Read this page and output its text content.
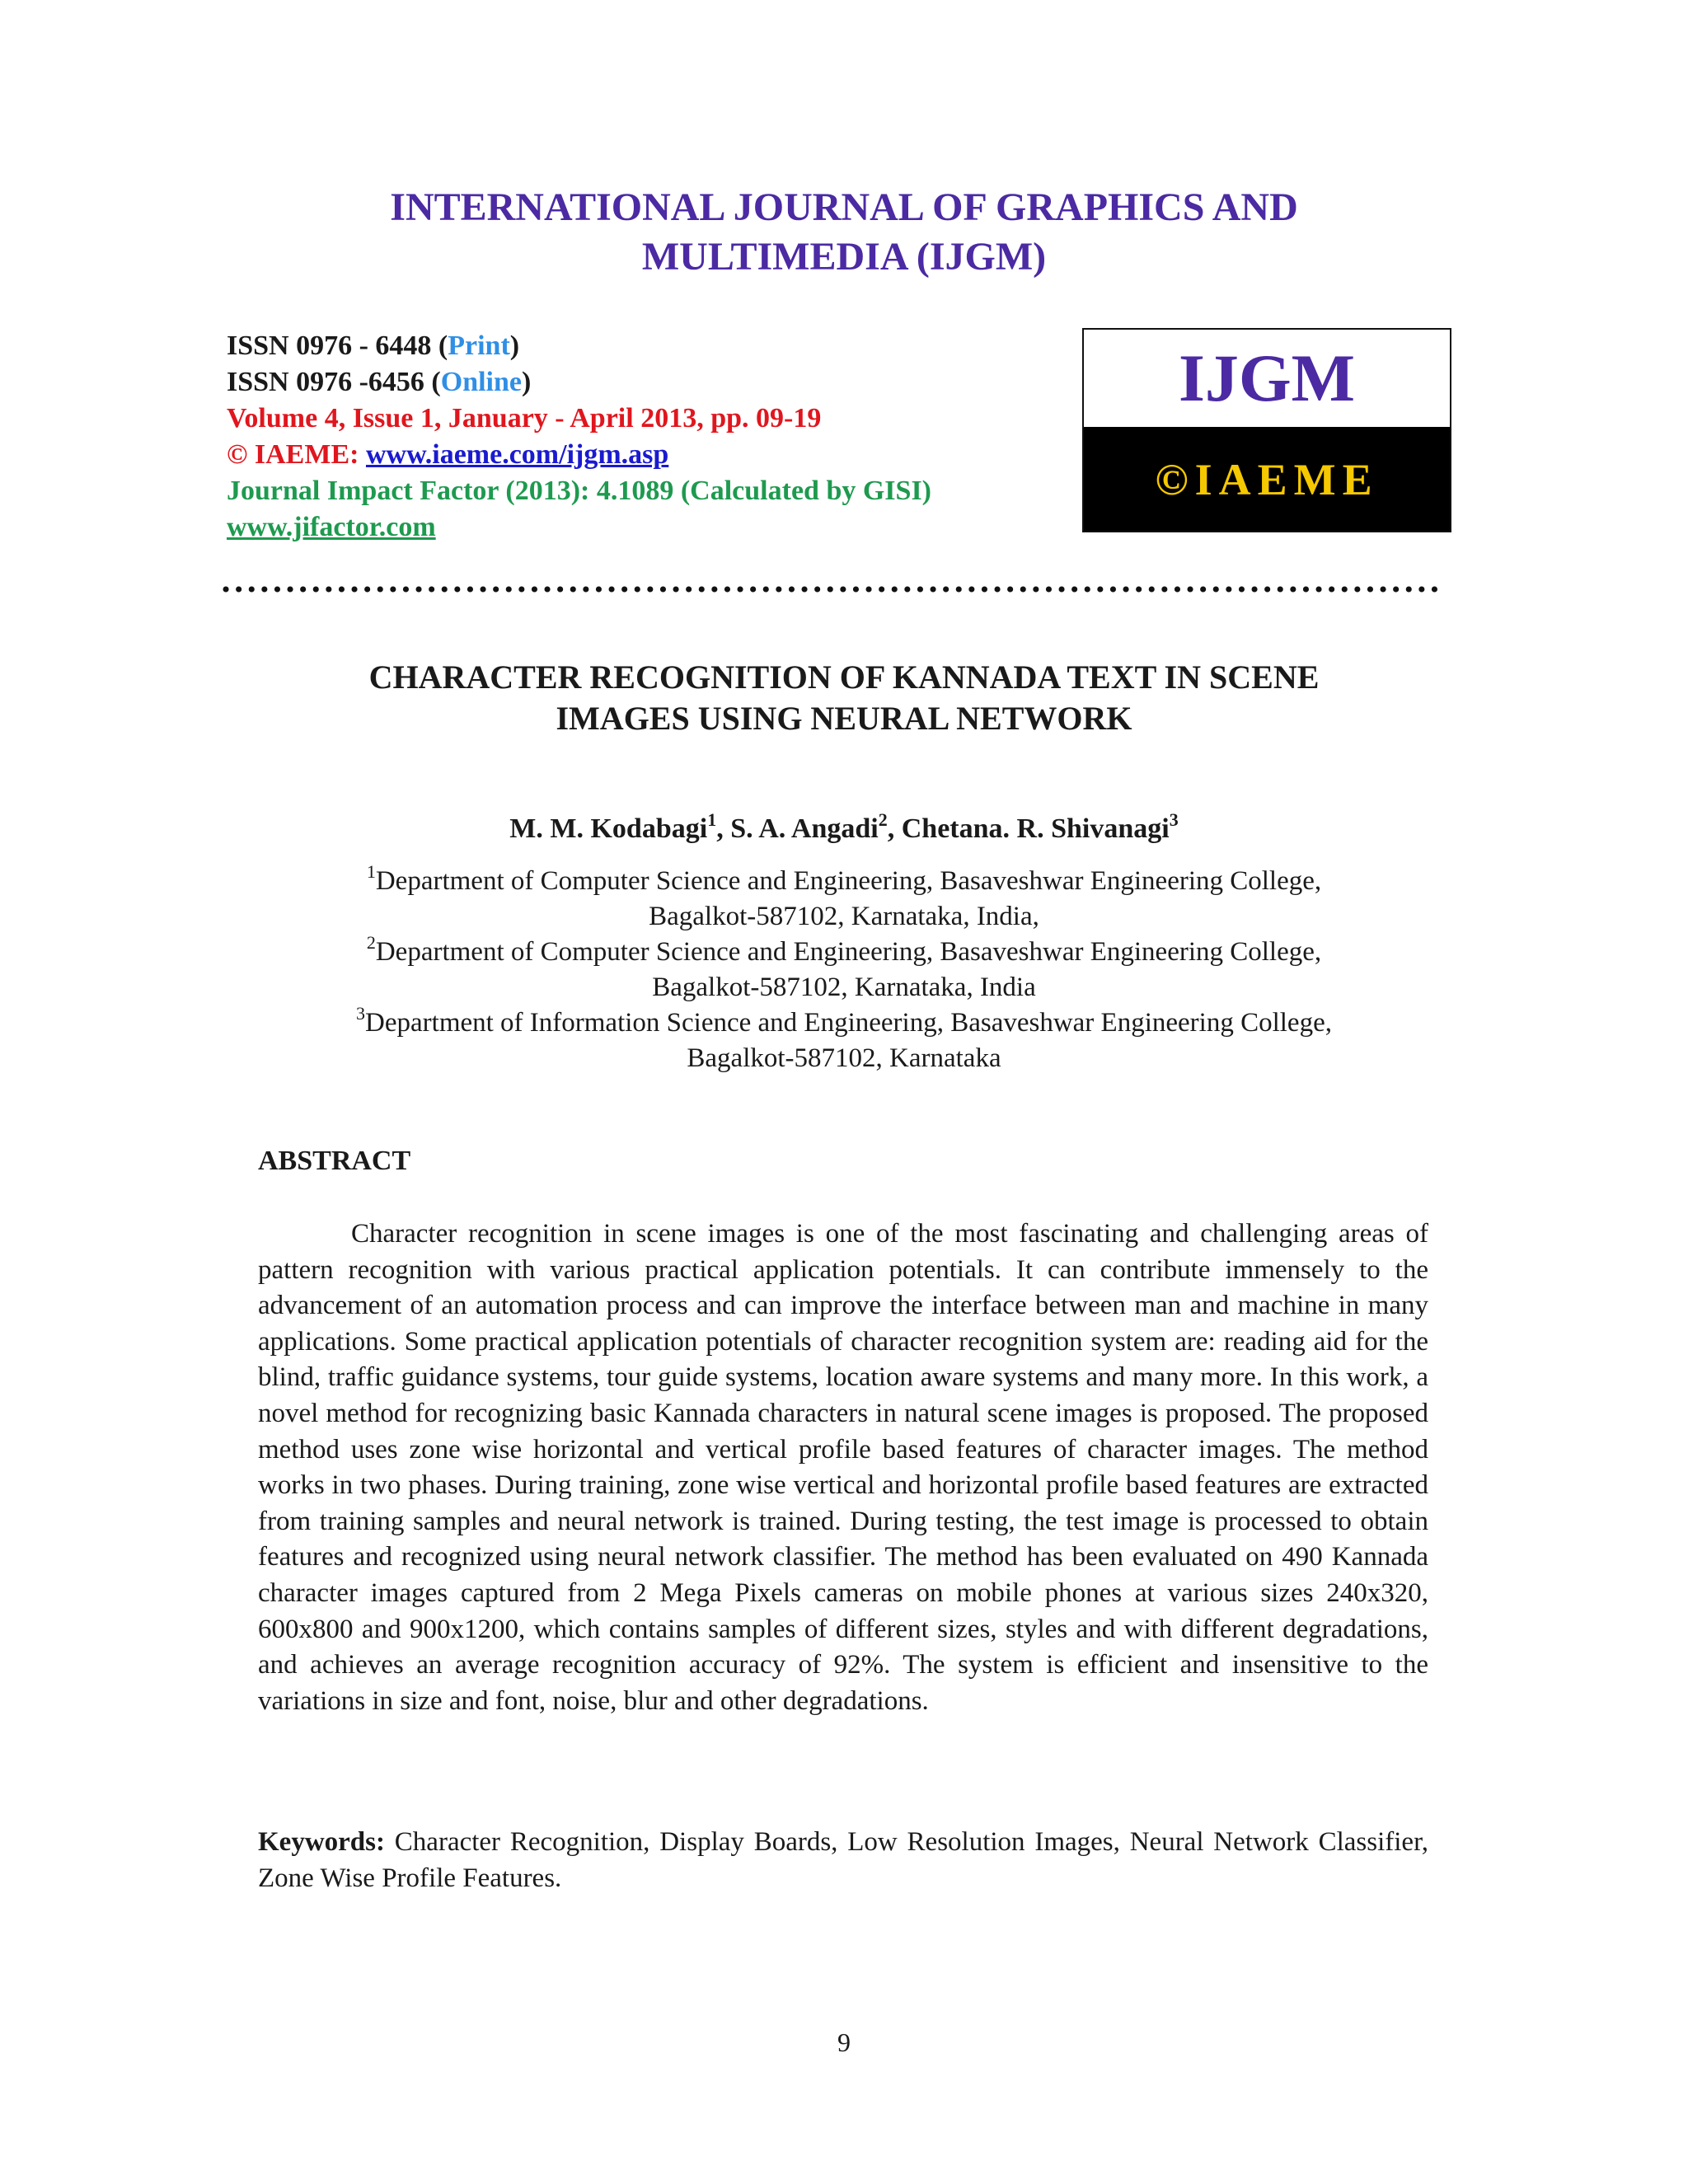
INTERNATIONAL JOURNAL OF GRAPHICS AND
MULTIMEDIA (IJGM)
ISSN 0976 - 6448 (Print)
ISSN 0976 -6456 (Online)
Volume 4, Issue 1, January - April 2013, pp. 09-19
© IAEME: www.iaeme.com/ijgm.asp
Journal Impact Factor (2013): 4.1089 (Calculated by GISI)
www.jifactor.com
IJGM
©IAEME
CHARACTER RECOGNITION OF KANNADA TEXT IN SCENE
IMAGES USING NEURAL NETWORK
M. M. Kodabagi$^1$, S. A. Angadi$^2$, Chetana. R. Shivanagi$^3$
$^1$Department of Computer Science and Engineering, Basaveshwar Engineering College,
Bagalkot-587102, Karnataka, India,
$^2$Department of Computer Science and Engineering, Basaveshwar Engineering College,
Bagalkot-587102, Karnataka, India
$^3$Department of Information Science and Engineering, Basaveshwar Engineering College,
Bagalkot-587102, Karnataka
ABSTRACT
Character recognition in scene images is one of the most fascinating and challenging areas of pattern recognition with various practical application potentials. It can contribute immensely to the advancement of an automation process and can improve the interface between man and machine in many applications. Some practical application potentials of character recognition system are: reading aid for the blind, traffic guidance systems, tour guide systems, location aware systems and many more. In this work, a novel method for recognizing basic Kannada characters in natural scene images is proposed. The proposed method uses zone wise horizontal and vertical profile based features of character images. The method works in two phases. During training, zone wise vertical and horizontal profile based features are extracted from training samples and neural network is trained. During testing, the test image is processed to obtain features and recognized using neural network classifier. The method has been evaluated on 490 Kannada character images captured from 2 Mega Pixels cameras on mobile phones at various sizes 240x320, 600x800 and 900x1200, which contains samples of different sizes, styles and with different degradations, and achieves an average recognition accuracy of 92%. The system is efficient and insensitive to the variations in size and font, noise, blur and other degradations.
Keywords: Character Recognition, Display Boards, Low Resolution Images, Neural Network Classifier, Zone Wise Profile Features.
9
